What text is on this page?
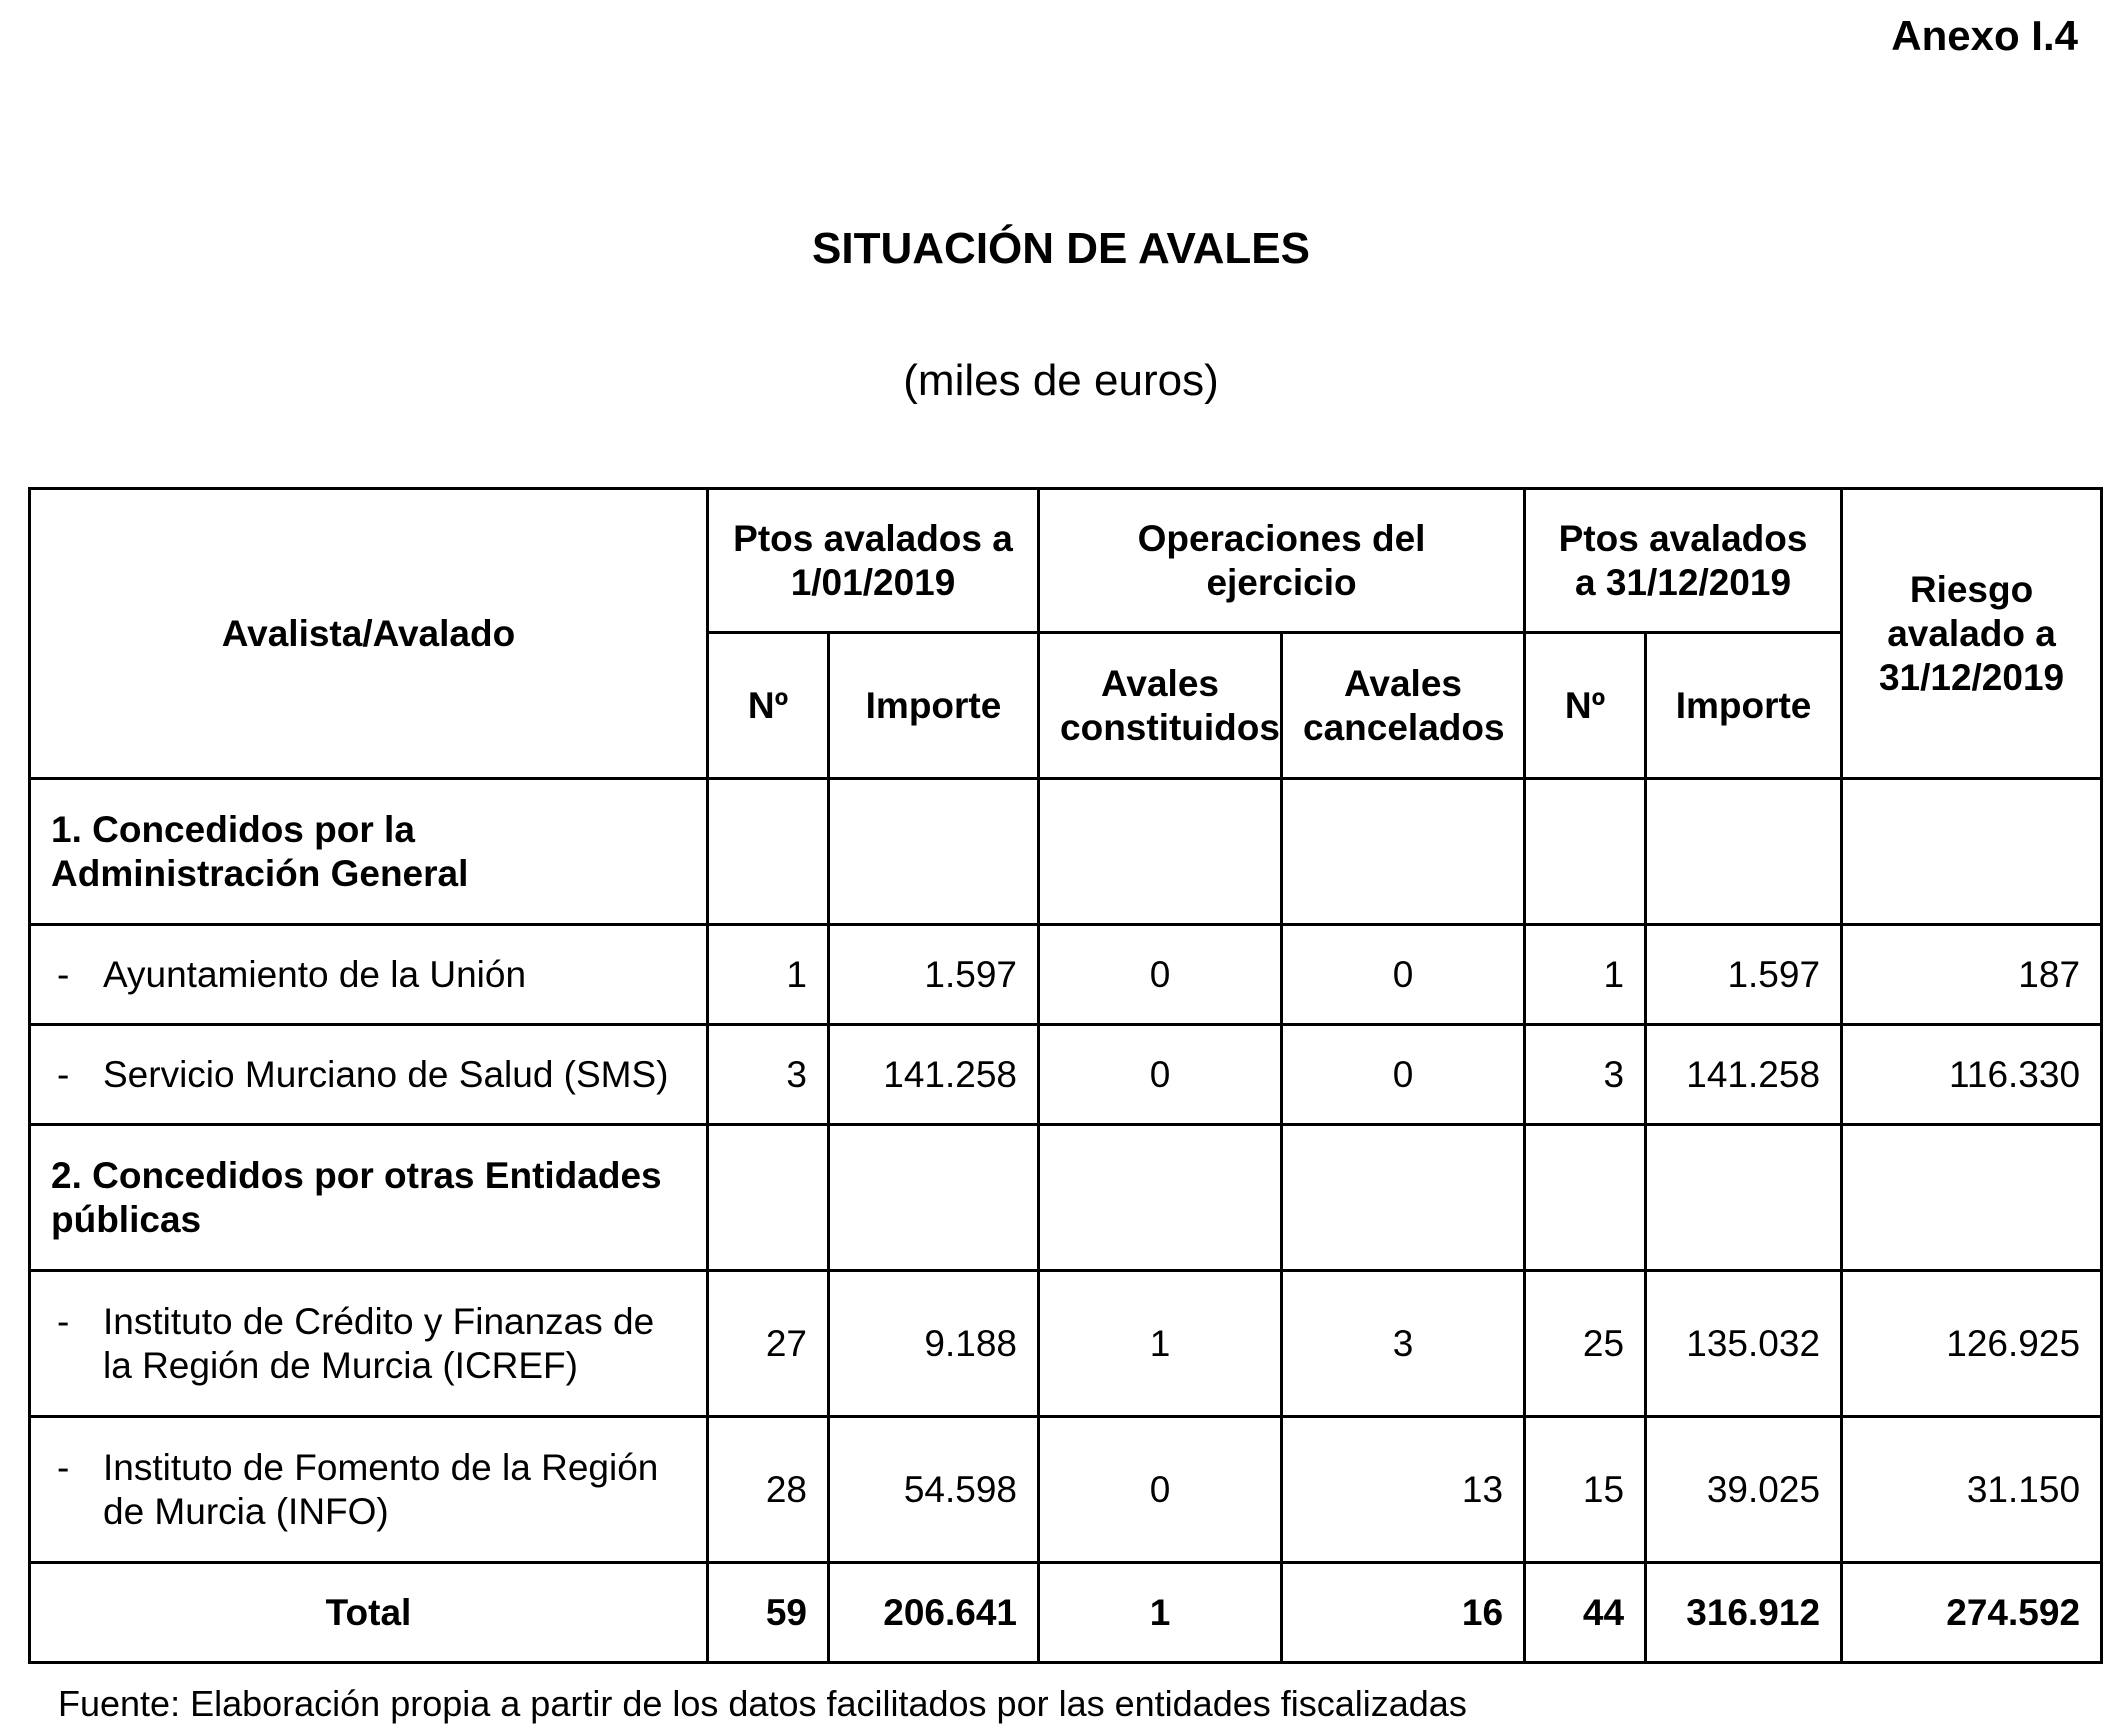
Anexo I.4
SITUACIÓN DE AVALES
(miles de euros)
Avalista/Avalado	Ptos avalados a 1/01/2019		Operaciones del ejercicio		Ptos avalados a 31/12/2019		Riesgo avalado a 31/12/2019
	Nº	Importe	Avales constituidos	Avales cancelados	Nº	Importe	
1. Concedidos por la Administración General							

- Ayuntamiento de la Unión	1	1.597	0	0	1	1.597	187

- Servicio Murciano de Salud (SMS)	3	141.258	0	0	3	141.258	116.330
2. Concedidos por otras Entidades públicas							

- Instituto de Crédito y Finanzas de la Región de Murcia (ICREF)	27	9.188	1	3	25	135.032	126.925

- Instituto de Fomento de la Región de Murcia (INFO)	28	54.598	0	13	15	39.025	31.150
Total	59	206.641	1	16	44	316.912	274.592
Fuente: Elaboración propia a partir de los datos facilitados por las entidades fiscalizadas
